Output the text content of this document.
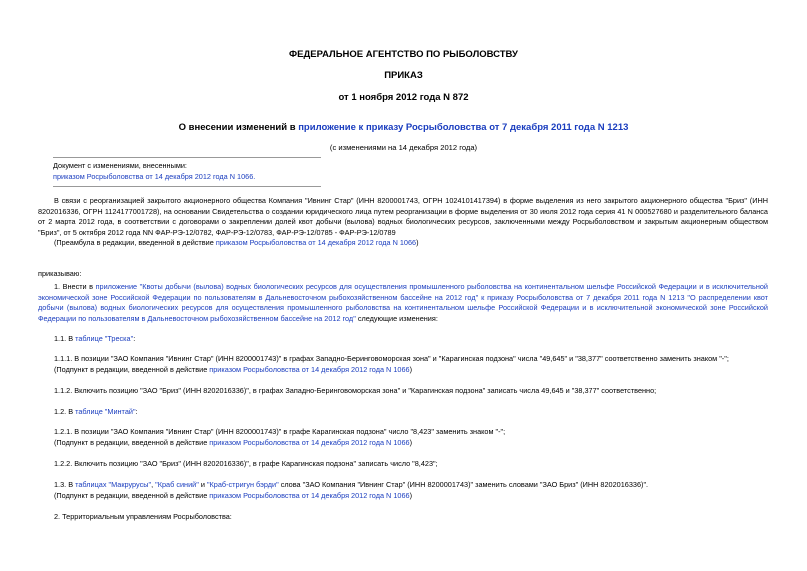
ФЕДЕРАЛЬНОЕ АГЕНТСТВО ПО РЫБОЛОВСТВУ
ПРИКАЗ
от 1 ноября 2012 года N 872
О внесении изменений в приложение к приказу Росрыболовства от 7 декабря 2011 года N 1213
(с изменениями на 14 декабря 2012 года)
Документ с изменениями, внесенными:
приказом Росрыболовства от 14 декабря 2012 года N 1066.
В связи с реорганизацией закрытого акционерного общества Компания "Ивнинг Стар" (ИНН 8200001743, ОГРН 1024101417394) в форме выделения из него закрытого акционерного общества "Бриз" (ИНН 8202016336, ОГРН 1124177001728), на основании Свидетельства о создании юридического лица путем реорганизации в форме выделения от 30 июля 2012 года серия 41 N 000527680 и разделительного баланса от 2 марта 2012 года, в соответствии с договорами о закреплении долей квот добычи (вылова) водных биологических ресурсов, заключенными между Росрыболовством и закрытым акционерным обществом "Бриз", от 5 октября 2012 года NN ФАР-РЭ-12/0782, ФАР-РЭ-12/0783, ФАР-РЭ-12/0785 - ФАР-РЭ-12/0789
(Преамбула в редакции, введенной в действие приказом Росрыболовства от 14 декабря 2012 года N 1066)
приказываю:
1. Внести в приложение "Квоты добычи (вылова) водных биологических ресурсов для осуществления промышленного рыболовства на континентальном шельфе Российской Федерации и в исключительной экономической зоне Российской Федерации по пользователям в Дальневосточном рыбохозяйственном бассейне на 2012 год" к приказу Росрыболовства от 7 декабря 2011 года N 1213 "О распределении квот добычи (вылова) водных биологических ресурсов для осуществления промышленного рыболовства на континентальном шельфе Российской Федерации и в исключительной экономической зоне Российской Федерации по пользователям в Дальневосточном рыбохозяйственном бассейне на 2012 год" следующие изменения:
1.1. В таблице "Треска":
1.1.1. В позиции "ЗАО Компания "Ивнинг Стар" (ИНН 8200001743)" в графах Западно-Беринговоморская зона" и "Карагинская подзона" числа "49,645" и "38,377" соответственно заменить знаком "-";
(Подпункт в редакции, введенной в действие приказом Росрыболовства от 14 декабря 2012 года N 1066)
1.1.2. Включить позицию "ЗАО "Бриз" (ИНН 8202016336)", в графах Западно-Беринговоморская зона" и "Карагинская подзона" записать числа 49,645 и "38,377" соответственно;
1.2. В таблице "Минтай":
1.2.1. В позиции "ЗАО Компания "Ивнинг Стар" (ИНН 8200001743)" в графе Карагинская подзона" число "8,423" заменить знаком "-";
(Подпункт в редакции, введенной в действие приказом Росрыболовства от 14 декабря 2012 года N 1066)
1.2.2. Включить позицию "ЗАО "Бриз" (ИНН 8202016336)", в графе Карагинская подзона" записать число "8,423";
1.3. В таблицах "Макрурусы", "Краб синий" и "Краб-стригун бэрди" слова "ЗАО Компания "Ивнинг Стар" (ИНН 8200001743)" заменить словами "ЗАО Бриз" (ИНН 8202016336)".
(Подпункт в редакции, введенной в действие приказом Росрыболовства от 14 декабря 2012 года N 1066)
2. Территориальным управлениям Росрыболовства:
